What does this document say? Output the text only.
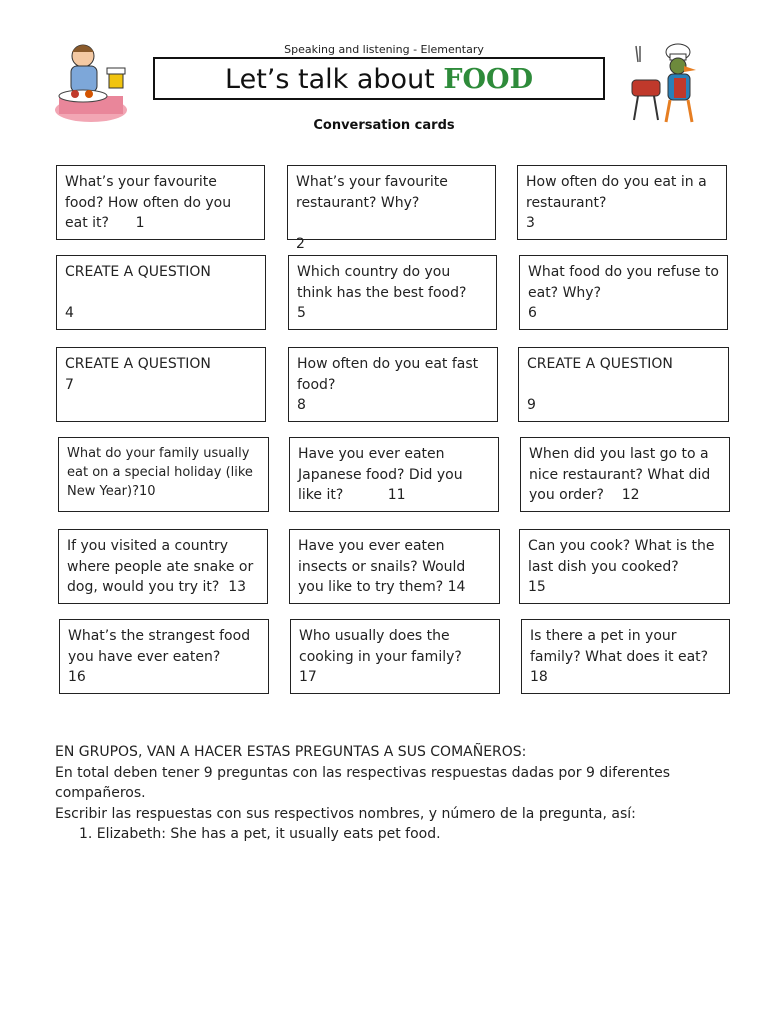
Speaking and listening - Elementary
Let’s talk about FOOD
Conversation cards
What’s your favourite food? How often do you eat it?      1
What’s your favourite restaurant? Why?

2
How often do you eat in a restaurant?
3
CREATE A QUESTION

4
Which country do you think has the best food?
5
What food do you refuse to eat? Why?
6
CREATE A QUESTION
7
How often do you eat fast food?
8
CREATE A QUESTION

9
What do your family usually eat on a special holiday (like New Year)?10
Have you ever eaten Japanese food? Did you like it?          11
When did you last go to a nice restaurant? What did you order?    12
If you visited a country where people ate snake or dog, would you try it?  13
Have you ever eaten insects or snails? Would you like to try them? 14
Can you cook? What is the last dish you cooked?
15
What’s the strangest food you have ever eaten?      16
Who usually does the cooking in your family?
17
Is there a pet in your family? What does it eat?
18

EN GRUPOS, VAN A HACER ESTAS PREGUNTAS A SUS COMAÑEROS:

En total deben tener 9 preguntas con las respectivas respuestas dadas por 9 diferentes compañeros.

Escribir las respuestas con sus respectivos nombres, y número de la pregunta, así:

1. Elizabeth: She has a pet, it usually eats pet food.
